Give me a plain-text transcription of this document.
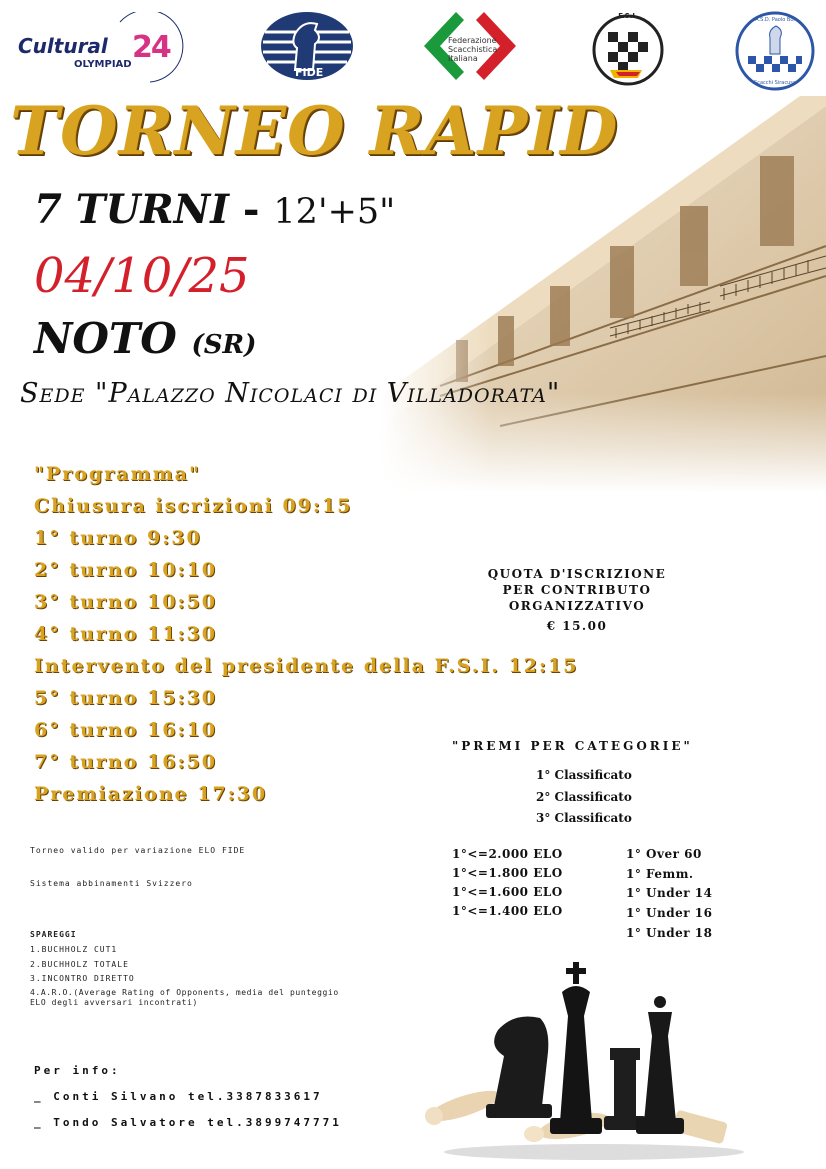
Cultural 24
OLYMPIAD
FIDE
Federazione
Scacchistica
Italiana
F.S.I.	A.S.D. Paolo Boi
Scacchi Siracusa
TORNEO RAPID
7 TURNI - 12'+5"
04/10/25
NOTO (SR)
Sede "Palazzo Nicolaci di Villadorata"
"Programma"
Chiusura iscrizioni 09:15
1° turno 9:30
2° turno 10:10
3° turno 10:50
4° turno 11:30
Intervento del presidente della F.S.I. 12:15
5° turno 15:30
6° turno 16:10
7° turno 16:50
Premiazione 17:30
QUOTA D'ISCRIZIONE
PER CONTRIBUTO
ORGANIZZATIVO
€ 15.00
"PREMI PER CATEGORIE"
1° Classificato
2° Classificato
3° Classificato
1°<=2.000 ELO
1°<=1.800 ELO
1°<=1.600 ELO
1°<=1.400 ELO
1° Over 60
1° Femm.
1° Under 14
1° Under 16
1° Under 18
Torneo valido per variazione ELO FIDE
Sistema abbinamenti Svizzero
SPAREGGI
1.BUCHHOLZ CUT1
2.BUCHHOLZ TOTALE
3.INCONTRO DIRETTO
4.A.R.O.(Average Rating of Opponents, media del punteggio ELO degli avversari incontrati)
Per info:
_ Conti Silvano tel.3387833617
_ Tondo Salvatore tel.3899747771
